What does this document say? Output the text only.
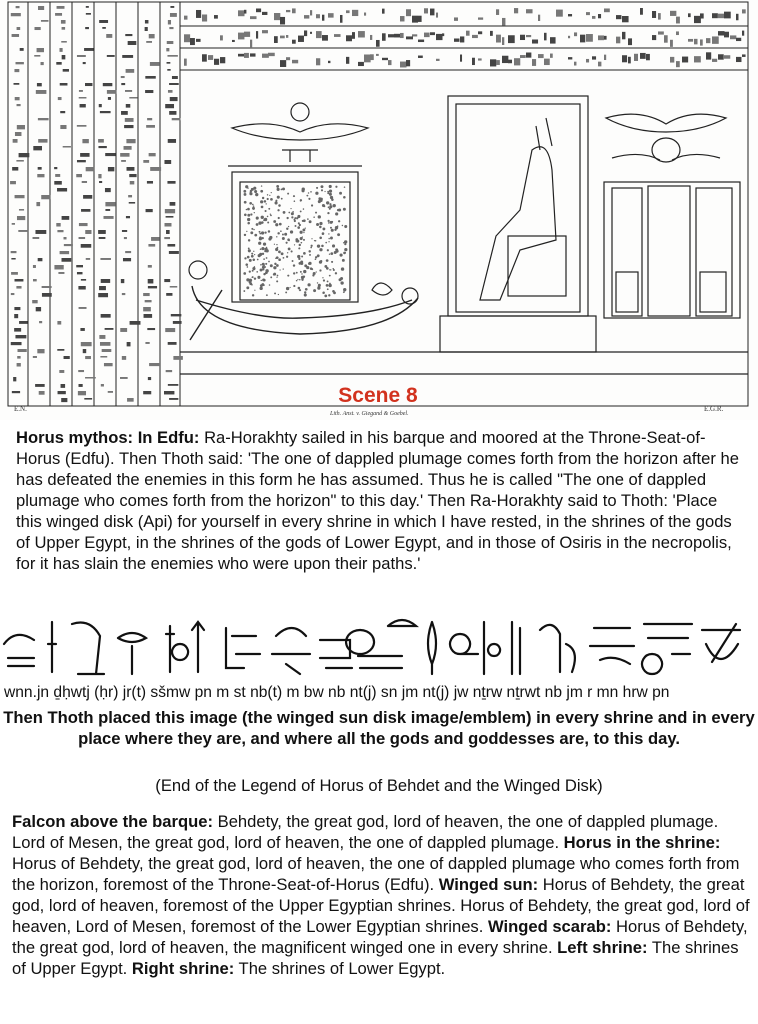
Scene 8
E.N.	E.G.R.
Lith. Anst. v. Giegand & Goebel.

Horus mythos: In Edfu: Ra-Horakhty sailed in his barque and moored at the Throne-Seat-of-Horus (Edfu). Then Thoth said: 'The one of dappled plumage comes forth from the horizon after he has defeated the enemies in this form he has assumed. Thus he is called "The one of dappled plumage who comes forth from the horizon" to this day.' Then Ra-Horakhty said to Thoth: 'Place this winged disk (Api) for yourself in every shrine in which I have rested, in the shrines of the gods of Upper Egypt, in the shrines of the gods of Lower Egypt, and in those of Osiris in the necropolis, for it has slain the enemies who were upon their paths.'

wnn.jn ḏḥwtj (ḥr) jr(t) sšmw pn m st nb(t) m bw nb nt(j) sn jm nt(j) jw nṯrw nṯrwt nb jm r mn hrw pn

Then Thoth placed this image (the winged sun disk image/emblem) in every shrine and in every place where they are, and where all the gods and goddesses are, to this day.

(End of the Legend of Horus of Behdet and the Winged Disk)

Falcon above the barque: Behdety, the great god, lord of heaven, the one of dappled plumage. Lord of Mesen, the great god, lord of heaven, the one of dappled plumage. Horus in the shrine: Horus of Behdety, the great god, lord of heaven, the one of dappled plumage who comes forth from the horizon, foremost of the Throne-Seat-of-Horus (Edfu). Winged sun: Horus of Behdety, the great god, lord of heaven, foremost of the Upper Egyptian shrines. Horus of Behdety, the great god, lord of heaven, Lord of Mesen, foremost of the Lower Egyptian shrines. Winged scarab: Horus of Behdety, the great god, lord of heaven, the magnificent winged one in every shrine. Left shrine: The shrines of Upper Egypt. Right shrine: The shrines of Lower Egypt.
